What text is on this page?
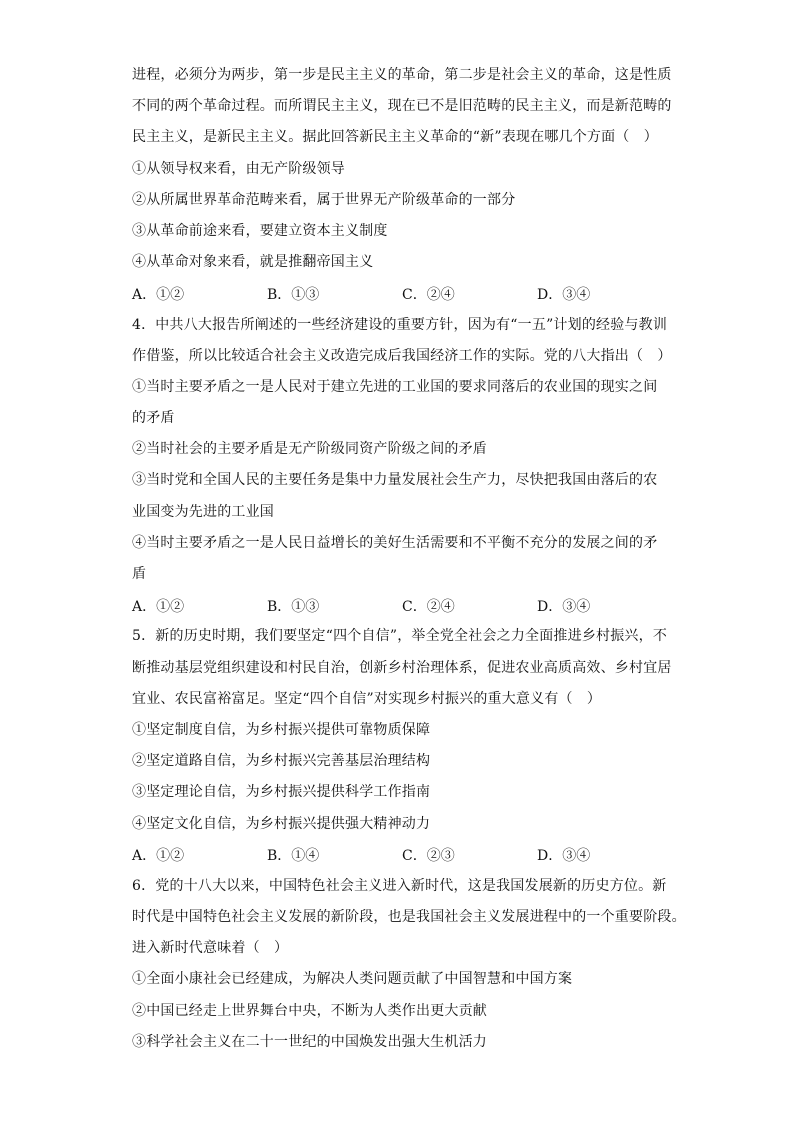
进程，必须分为两步，第一步是民主主义的革命，第二步是社会主义的革命，这是性质
不同的两个革命过程。而所谓民主主义，现在已不是旧范畴的民主主义，而是新范畴的
民主主义，是新民主主义。据此回答新民主主义革命的“新”表现在哪几个方面（　）
①从领导权来看，由无产阶级领导
②从所属世界革命范畴来看，属于世界无产阶级革命的一部分
③从革命前途来看，要建立资本主义制度
④从革命对象来看，就是推翻帝国主义
A．①②	B．①③	C．②④	D．③④
4．中共八大报告所阐述的一些经济建设的重要方针，因为有“一五”计划的经验与教训
作借鉴，所以比较适合社会主义改造完成后我国经济工作的实际。党的八大指出（　）
①当时主要矛盾之一是人民对于建立先进的工业国的要求同落后的农业国的现实之间
的矛盾
②当时社会的主要矛盾是无产阶级同资产阶级之间的矛盾
③当时党和全国人民的主要任务是集中力量发展社会生产力，尽快把我国由落后的农
业国变为先进的工业国
④当时主要矛盾之一是人民日益增长的美好生活需要和不平衡不充分的发展之间的矛
盾
A．①②	B．①③	C．②④	D．③④
5．新的历史时期，我们要坚定“四个自信”，举全党全社会之力全面推进乡村振兴，不
断推动基层党组织建设和村民自治，创新乡村治理体系，促进农业高质高效、乡村宜居
宜业、农民富裕富足。坚定“四个自信”对实现乡村振兴的重大意义有（　）
①坚定制度自信，为乡村振兴提供可靠物质保障
②坚定道路自信，为乡村振兴完善基层治理结构
③坚定理论自信，为乡村振兴提供科学工作指南
④坚定文化自信，为乡村振兴提供强大精神动力
A．①②	B．①④	C．②③	D．③④
6．党的十八大以来，中国特色社会主义进入新时代，这是我国发展新的历史方位。新
时代是中国特色社会主义发展的新阶段，也是我国社会主义发展进程中的一个重要阶段。
进入新时代意味着（　）
①全面小康社会已经建成，为解决人类问题贡献了中国智慧和中国方案
②中国已经走上世界舞台中央，不断为人类作出更大贡献
③科学社会主义在二十一世纪的中国焕发出强大生机活力
